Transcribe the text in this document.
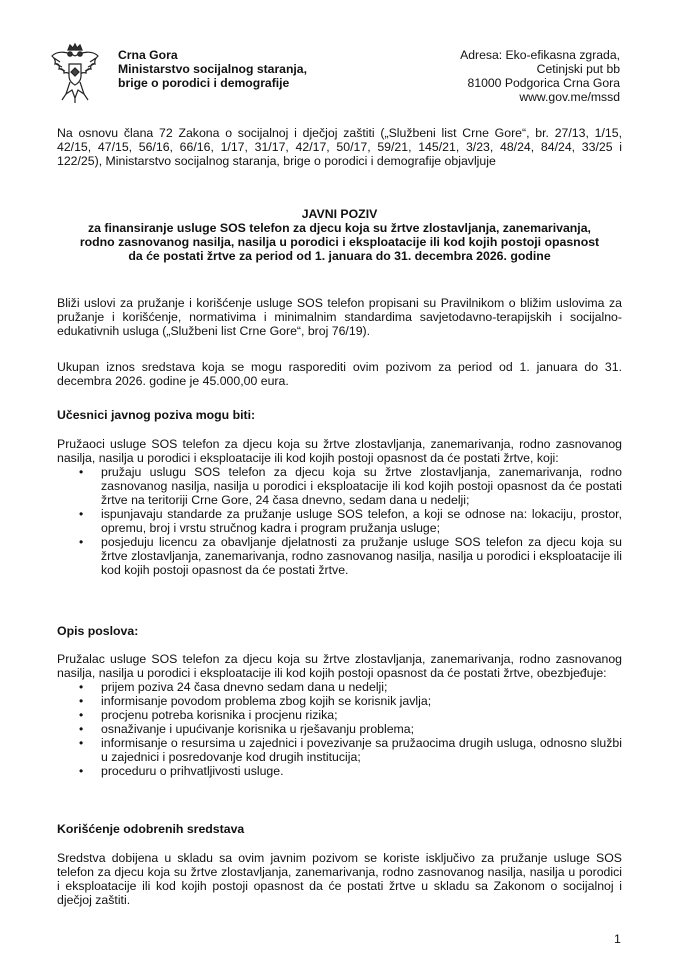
Crna Gora
Ministarstvo socijalnog staranja,
brige o porodici i demografije
Adresa: Eko-efikasna zgrada,
Cetinjski put bb
81000 Podgorica Crna Gora
www.gov.me/mssd

Na osnovu člana 72 Zakona o socijalnoj i dječjoj zaštiti („Službeni list Crne Gore“, br. 27/13, 1/15, 42/15, 47/15, 56/16, 66/16, 1/17, 31/17, 42/17, 50/17, 59/21, 145/21, 3/23, 48/24, 84/24, 33/25 i 122/25), Ministarstvo socijalnog staranja, brige o porodici i demografije objavljuje

JAVNI POZIV
za finansiranje usluge SOS telefon za djecu koja su žrtve zlostavljanja, zanemarivanja,
rodno zasnovanog nasilja, nasilja u porodici i eksploatacije ili kod kojih postoji opasnost
da će postati žrtve za period od 1. januara do 31. decembra 2026. godine

Bliži uslovi za pružanje i korišćenje usluge SOS telefon propisani su Pravilnikom o bližim uslovima za pružanje i korišćenje, normativima i minimalnim standardima savjetodavno-terapijskih i socijalno-edukativnih usluga („Službeni list Crne Gore“, broj 76/19).

Ukupan iznos sredstava koja se mogu rasporediti ovim pozivom za period od 1. januara do 31. decembra 2026. godine je 45.000,00 eura.

Učesnici javnog poziva mogu biti:

Pružaoci usluge SOS telefon za djecu koja su žrtve zlostavljanja, zanemarivanja, rodno zasnovanog nasilja, nasilja u porodici i eksploatacije ili kod kojih postoji opasnost da će postati žrtve, koji:

• pružaju uslugu SOS telefon za djecu koja su žrtve zlostavljanja, zanemarivanja, rodno zasnovanog nasilja, nasilja u porodici i eksploatacije ili kod kojih postoji opasnost da će postati žrtve na teritoriji Crne Gore, 24 časa dnevno, sedam dana u nedelji;
• ispunjavaju standarde za pružanje usluge SOS telefon, a koji se odnose na: lokaciju, prostor, opremu, broj i vrstu stručnog kadra i program pružanja usluge;
• posjeduju licencu za obavljanje djelatnosti za pružanje usluge SOS telefon za djecu koja su žrtve zlostavljanja, zanemarivanja, rodno zasnovanog nasilja, nasilja u porodici i eksploatacije ili kod kojih postoji opasnost da će postati žrtve.
Opis poslova:

Pružalac usluge SOS telefon za djecu koja su žrtve zlostavljanja, zanemarivanja, rodno zasnovanog nasilja, nasilja u porodici i eksploatacije ili kod kojih postoji opasnost da će postati žrtve, obezbjeđuje:

• prijem poziva 24 časa dnevno sedam dana u nedelji;
• informisanje povodom problema zbog kojih se korisnik javlja;
• procjenu potreba korisnika i procjenu rizika;
• osnaživanje i upućivanje korisnika u rješavanju problema;
• informisanje o resursima u zajednici i povezivanje sa pružaocima drugih usluga, odnosno službi u zajednici i posredovanje kod drugih institucija;
• proceduru o prihvatljivosti usluge.
Korišćenje odobrenih sredstava

Sredstva dobijena u skladu sa ovim javnim pozivom se koriste isključivo za pružanje usluge SOS telefon za djecu koja su žrtve zlostavljanja, zanemarivanja, rodno zasnovanog nasilja, nasilja u porodici i eksploatacije ili kod kojih postoji opasnost da će postati žrtve u skladu sa Zakonom o socijalnoj i dječjoj zaštiti.

1
